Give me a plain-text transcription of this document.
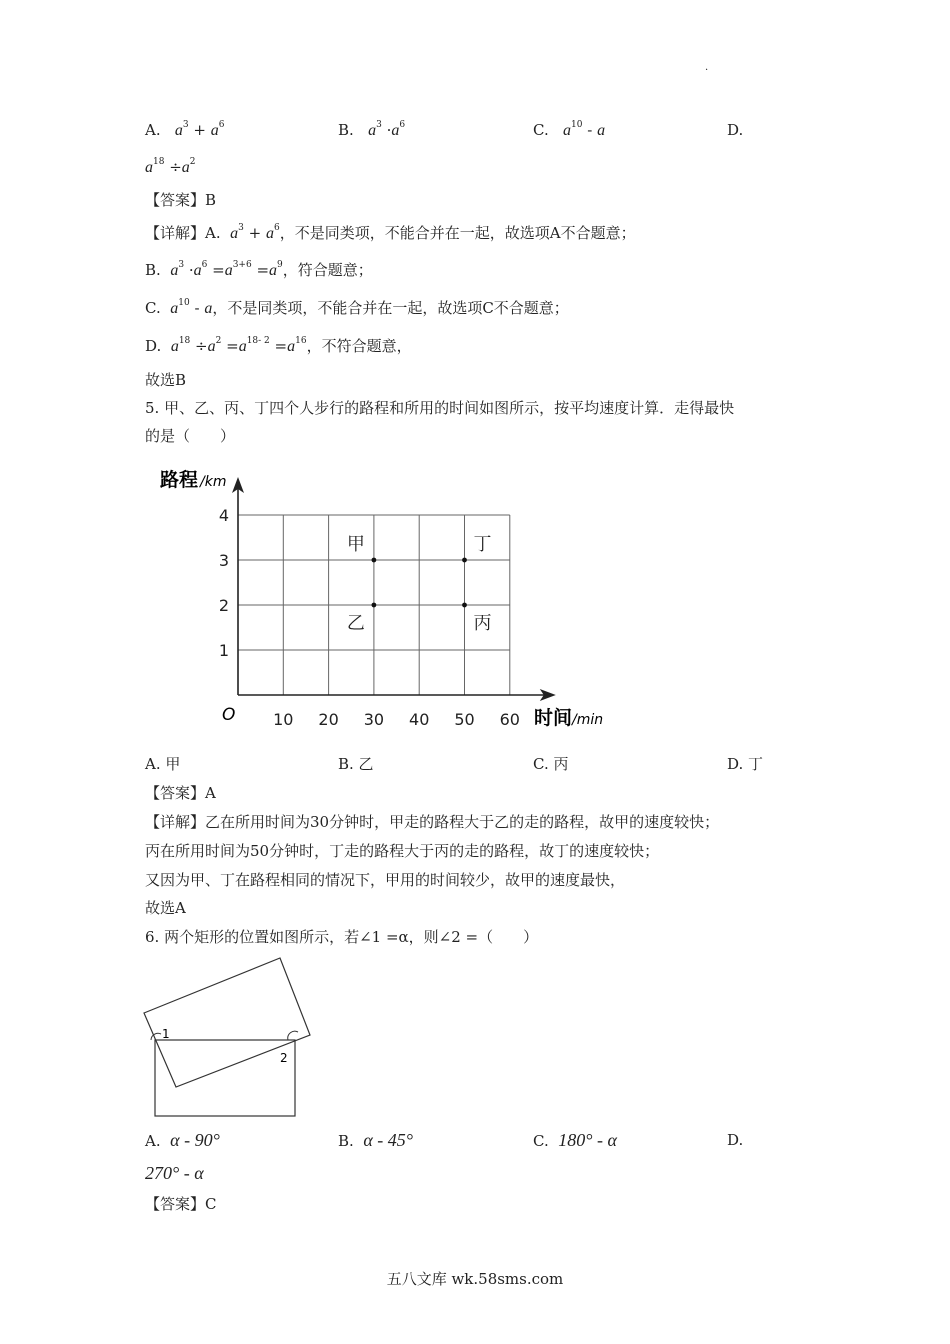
.
A. $a^3 + a^6$	B. $a^3 \cdot a^6$	C. $a^{10}$ - a	D.
$a^{18} \div a^2$
【答案】B
【详解】A. $a^3 + a^6$，不是同类项，不能合并在一起，故选项A不合题意；
B. $a^3 \cdot a^6 =a^{3+6} =a^9$，符合题意；
C. $a^{10}$ - a，不是同类项，不能合并在一起，故选项C不合题意；
D. $a^{18} \div a^2 =a^{18- 2} =a^{16}$，不符合题意，
故选B
5. 甲、乙、丙、丁四个人步行的路程和所用的时间如图所示，按平均速度计算．走得最快
的是（　　）
10 20 30 40 50 60
1
2
3
4
甲
乙
丁
丙
路程 /km
时间 /min
O
A. 甲	B. 乙	C. 丙	D. 丁
【答案】A
【详解】乙在所用时间为30分钟时，甲走的路程大于乙的走的路程，故甲的速度较快；
丙在所用时间为50分钟时，丁走的路程大于丙的走的路程，故丁的速度较快；
又因为甲、丁在路程相同的情况下，甲用的时间较少，故甲的速度最快，
故选A
6. 两个矩形的位置如图所示，若∠1 =α，则∠2 =（　　）
1
2
A. α - 90°	B. α - 45°	C. 180° - α	D.
270° - α
【答案】C
五八文库 wk.58sms.com
